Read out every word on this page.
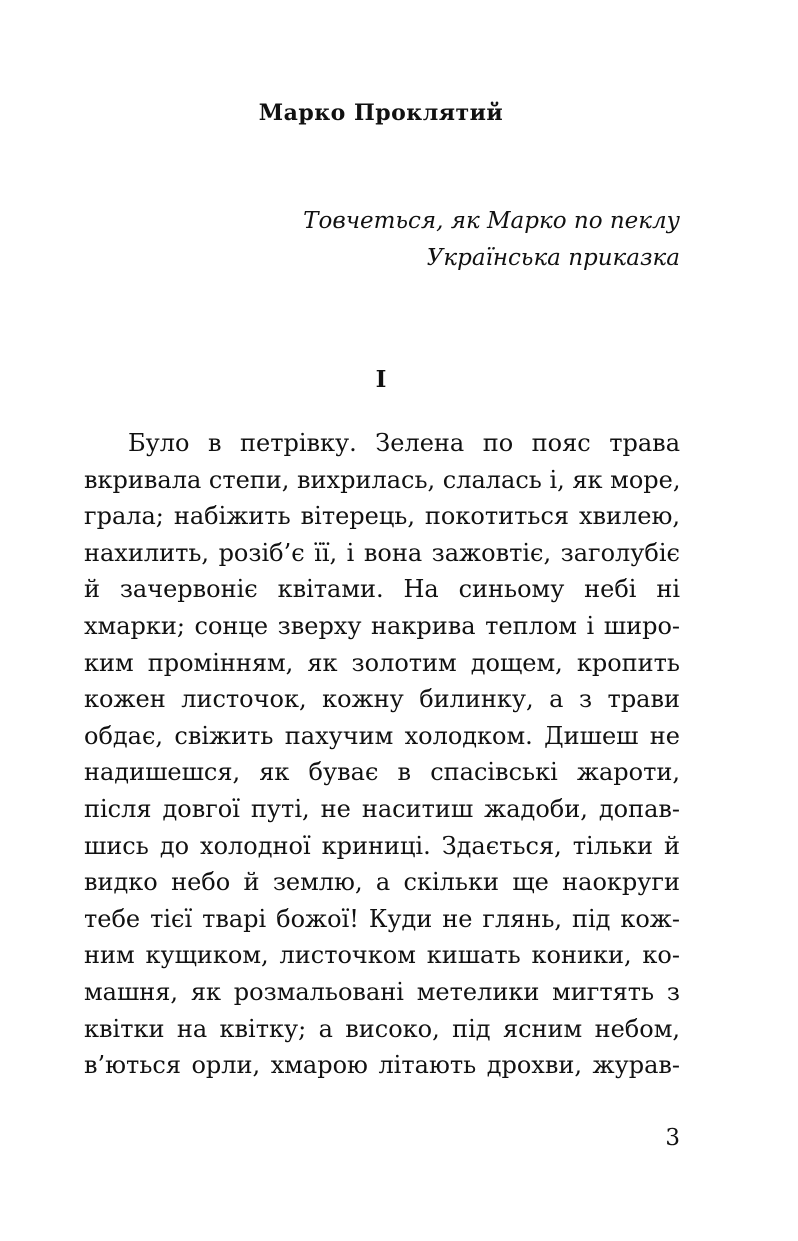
Марко Проклятий
Товчеться, як Марко по пеклу
Українська приказка
I
Було в петрівку. Зелена по пояс трава
вкривала степи, вихрилась, слалась і, як море,
грала; набіжить вітерець, покотиться хвилею,
нахилить, розіб’є її, і вона зажовтіє, заголубіє
й зачервоніє квітами. На синьому небі ні
хмарки; сонце зверху накрива теплом і широ-
ким промінням, як золотим дощем, кропить
кожен листочок, кожну билинку, а з трави
обдає, свіжить пахучим холодком. Дишеш не
надишешся, як буває в спасівські жароти,
після довгої путі, не наситиш жадоби, допав-
шись до холодної криниці. Здається, тільки й
видко небо й землю, а скільки ще наокруги
тебе тієї тварі божої! Куди не глянь, під кож-
ним кущиком, листочком кишать коники, ко-
машня, як розмальовані метелики мигтять з
квітки на квітку; а високо, під ясним небом,
в’ються орли, хмарою літають дрохви, журав-
3
